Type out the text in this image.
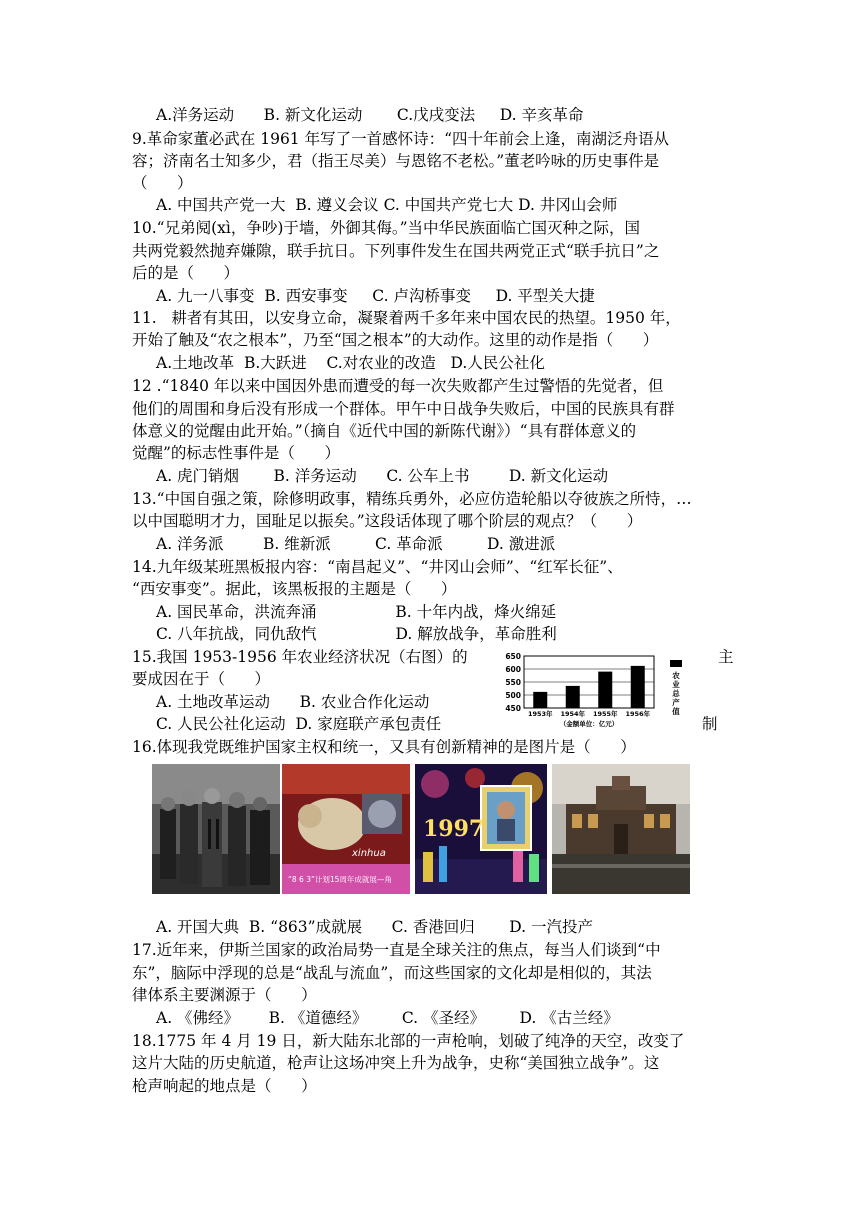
A.洋务运动      B. 新文化运动       C.戊戌变法     D. 辛亥革命
9.革命家董必武在 1961 年写了一首感怀诗：“四十年前会上逢，南湖泛舟语从
容；济南名士知多少，君（指王尽美）与恩铭不老松。”董老吟咏的历史事件是
（      ）
A. 中国共产党一大  B. 遵义会议 C. 中国共产党七大 D. 井冈山会师
10.“兄弟阋(xì，争吵)于墙，外御其侮。”当中华民族面临亡国灭种之际，国
共两党毅然抛弃嫌隙，联手抗日。下列事件发生在国共两党正式“联手抗日”之
后的是（      ）
A. 九一八事变  B. 西安事变     C. 卢沟桥事变     D. 平型关大捷
11.   耕者有其田，以安身立命，凝聚着两千多年来中国农民的热望。1950 年，
开始了触及“农之根本”，乃至“国之根本”的大动作。这里的动作是指（      ）
A.土地改革  B.大跃进    C.对农业的改造   D.人民公社化
12 .“1840 年以来中国因外患而遭受的每一次失败都产生过警悟的先觉者，但
他们的周围和身后没有形成一个群体。甲午中日战争失败后，中国的民族具有群
体意义的觉醒由此开始。”（摘自《近代中国的新陈代谢》）“具有群体意义的
觉醒”的标志性事件是（      ）
A. 虎门销烟       B. 洋务运动      C. 公车上书        D. 新文化运动
13.“中国自强之策，除修明政事，精练兵勇外，必应仿造轮船以夺彼族之所恃，…
以中国聪明才力，国耻足以振矣。”这段话体现了哪个阶层的观点？（      ）
A. 洋务派        B. 维新派         C. 革命派         D. 激进派
14.九年级某班黑板报内容：“南昌起义”、“井冈山会师”、“红军长征”、
“西安事变”。据此，该黑板报的主题是（      ）
A. 国民革命，洪流奔涌                B. 十年内战，烽火绵延
C. 八年抗战，同仇敌忾                D. 解放战争，革命胜利
15.我国 1953-1956 年农业经济状况（右图）的	主
要成因在于（      ）
A. 土地改革运动      B. 农业合作化运动
C. 人民公社化运动  D. 家庭联产承包责任	制
16.体现我党既维护国家主权和统一，又具有创新精神的是图片是（      ）
450
500
550
600
650
1953年 1954年 1955年 1956年
（金额单位：亿元）
农
业
总
产
值
xinhua
“8 6 3”计划15周年成就展—角
1997
A. 开国大典  B. “863”成就展      C. 香港回归       D. 一汽投产
17.近年来，伊斯兰国家的政治局势一直是全球关注的焦点，每当人们谈到“中
东”，脑际中浮现的总是“战乱与流血”，而这些国家的文化却是相似的，其法
律体系主要渊源于（      ）
A. 《佛经》      B. 《道德经》       C. 《圣经》       D. 《古兰经》
18.1775 年 4 月 19 日，新大陆东北部的一声枪响，划破了纯净的天空，改变了
这片大陆的历史航道，枪声让这场冲突上升为战争，史称“美国独立战争”。这
枪声响起的地点是（      ）
